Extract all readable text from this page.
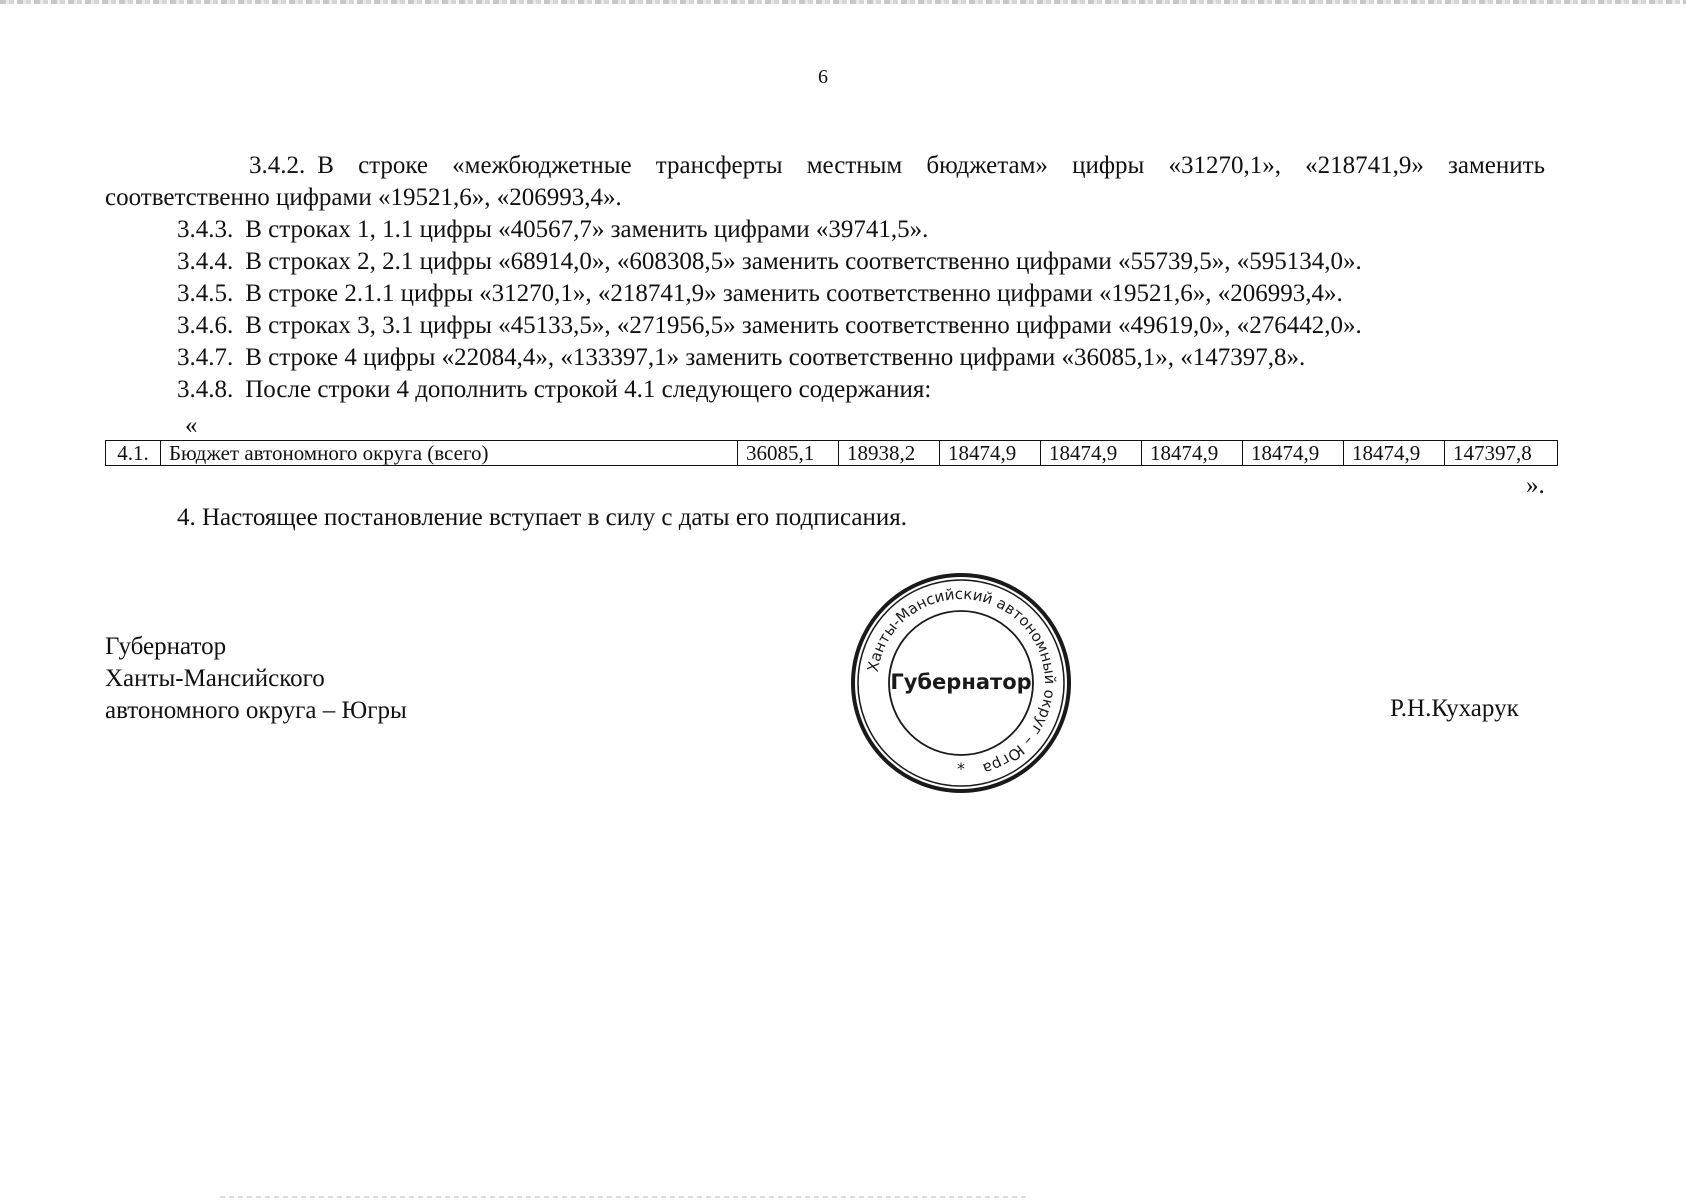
6
3.4.2. В строке «межбюджетные трансферты местным бюджетам» цифры «31270,1», «218741,9» заменить
соответственно цифрами «19521,6», «206993,4».
3.4.3. В строках 1, 1.1 цифры «40567,7» заменить цифрами «39741,5».
3.4.4. В строках 2, 2.1 цифры «68914,0», «608308,5» заменить соответственно цифрами «55739,5», «595134,0».
3.4.5. В строке 2.1.1 цифры «31270,1», «218741,9» заменить соответственно цифрами «19521,6», «206993,4».
3.4.6. В строках 3, 3.1 цифры «45133,5», «271956,5» заменить соответственно цифрами «49619,0», «276442,0».
3.4.7. В строке 4 цифры «22084,4», «133397,1» заменить соответственно цифрами «36085,1», «147397,8».
3.4.8. После строки 4 дополнить строкой 4.1 следующего содержания:
«
4.1.	Бюджет автономного округа (всего)	36085,1	18938,2	18474,9	18474,9	18474,9	18474,9	18474,9	147397,8
».
4. Настоящее постановление вступает в силу с даты его подписания.
Губернатор
Ханты-Мансийского
автономного округа – Югры
Ханты-Мансийский автономный округ – Югра
Губернатор
*
Р.Н.Кухарук
